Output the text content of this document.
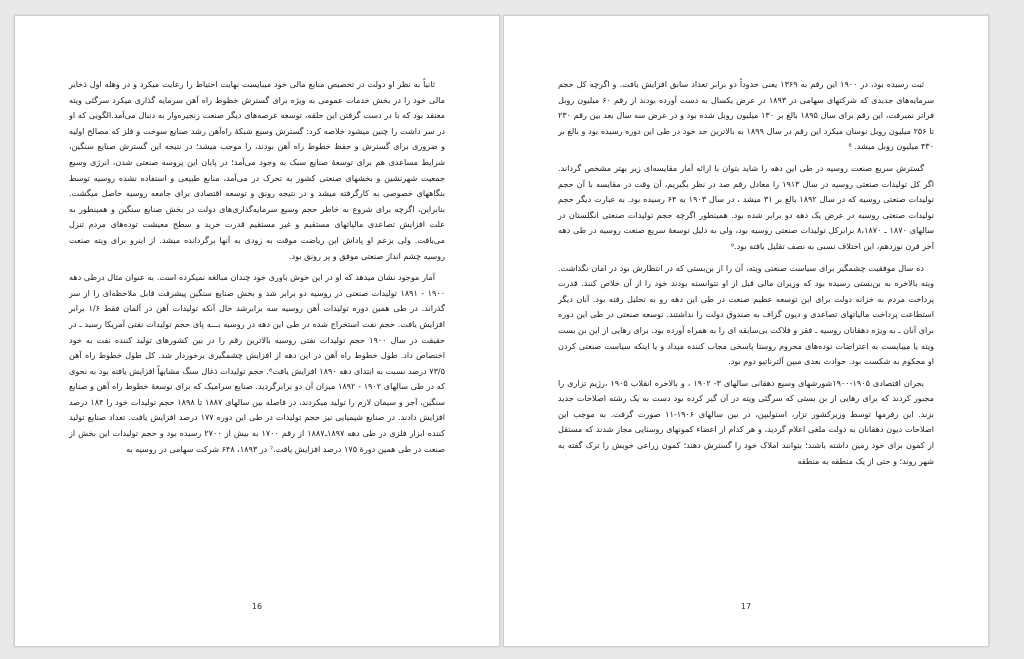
ثانیاً به نظر او دولت در تخصیص منابع مالی خود میبایست نهایت احتیاط را رعایت میکرد و در وهله اول ذخایر مالی خود را در بخش خدمات عمومی به ویژه برای گسترش خطوط راه آهن سرمایه گذاری میکرد سرگئی ویته معتقد بود که با در دست گرفتن این حلقه، توسعه عرصه‌های دیگر صنعت زنجیره‌وار به دنبال می‌آمد.الگویی که او در سر داشت را چنین میشود خلاصه کرد: گسترش وسیع شبکهٔ راه‌آهن رشد صنایع سوخت و فلز که مصالح اولیه و ضروری برای گسترش و حفظ خطوط راه آهن بودند، را موجب میشد؛ در نتیجه این گسترش صنایع سنگین، شرایط مساعدی هم برای توسعهٔ صنایع سبک به وجود می‌آمد؛ در پایان این پروسه صنعتی شدن، انرژی وسیع جمعیت شهرنشین و بخشهای صنعتی کشور به تحرک در می‌آمد، منابع طبیعی و استفاده نشده روسیه توسط بنگاههای خصوصی به کارگرفته میشد و در نتیجه رونق و توسعه اقتصادی برای جامعه روسیه حاصل میگشت. بنابراین، اگرچه برای شروع به خاطر حجم وسیع سرمایه‌گذاری‌های دولت در بخش صنایع سنگین و همینطور به علت افزایش تصاعدی مالیاتهای مستقیم و غیر مستقیم قدرت خرید و سطح معیشت توده‌های مردم تنزل می‌یافت. ولی بزعم او پاداش این ریاضت موقت به زودی به آنها برگردانده میشد. از اینرو برای ویته صنعت روسیه چشم انداز صنعتی موفق و پر رونق بود.

آمار موجود نشان میدهد که او در این خوش باوری خود چندان مبالغه نمیکرده است. به عنوان مثال درطی دهه ۱۹۰۰ - ۱۸۹۱ تولیدات صنعتی در روسیه دو برابر شد و بخش صنایع سنگین پیشرفت قابل ملاحظه‌ای را از سر گذراند. در طی همین دوره تولیدات آهن روسیه سه برابرشد حال آنکه تولیدات آهن در آلمان فقط ۱/۶ برابر افزایش یافت. حجم نفت استخراج شده در طی این دهه در روسیه بـــه پای حجم تولیدات نفتی آمریکا رسید ـ در حقیقت در سال ۱۹۰۰ حجم تولیدات نفتی روسیه بالاترین رقم را در بین کشورهای تولید کننده نفت به خود اختصاص داد. طول خطوط راه آهن در این دهه از افزایش چشمگیری برخوردار شد. کل طول خطوط راه آهن ۷۳/۵ درصد نسبت به ابتدای دهه ۱۸۹۰ افزایش یافت⁶. حجم تولیدات ذغال سنگ مشابهاً افزایش یافته بود به نحوی که در طی سالهای ۱۹۰۲ - ۱۸۹۲ میزان آن دو برابرگردید. صنایع سرامیک که برای توسعهٔ خطوط راه آهن و صنایع سنگین، آجر و سیمان لازم را تولید میکردند، در فاصله بین سالهای ۱۸۸۷ تا ۱۸۹۸ حجم تولیدات خود را ۱۸۴ درصد افزایش دادند. در صنایع شیمیایی نیز حجم تولیدات در طی این دوره ۱۷۷ درصد افزایش یافت. تعداد صنایع تولید کننده ابزار فلزی در طی دهه ۱۸۹۷ـ۱۸۸۷ از رقم ۱۷۰۰ به بیش از ۲۷۰۰ رسیده بود و حجم تولیدات این بخش از صنعت در طی همین دورهٔ ۱۷۵ درصد افزایش یافت.⁷ در ۱۸۹۳، ۶۴۸ شرکت سهامی در روسیه به

16

ثبت رسیده بود، در ۱۹۰۰ این رقم به ۱۳۶۹ یعنی حدوداً دو برابر تعداد سابق افزایش یافت. و اگرچه کل حجم سرمایه‌های جدیدی که شرکتهای سهامی در ۱۸۹۳ در عرض یکسال به دست آورده بودند از رقم ۶۰ میلیون روبل فراتر نمیرفت، این رقم برای سال ۱۸۹۵ بالغ بر ۱۳۰ میلیون روبل شده بود و در عرض سه سال بعد بین رقم ۲۳۰ تا ۲۵۶ میلیون روبل نوسان میکرد این رقم در سال ۱۸۹۹ به بالاترین حد خود در طی این دوره رسیده بود و بالغ بر ۴۳۰ میلیون روبل میشد. ⁸

گسترش سریع صنعت روسیه در طی این دهه را شاید بتوان با ارائه آمار مقایسه‌ای زیر بهتر مشخص گرداند. اگر کل تولیدات صنعتی روسیه در سال ۱۹۱۳ را معادل رقم صد در نظر بگیریم، آن وقت در مقایسه با آن حجم تولیدات صنعتی روسیه که در سال ۱۸۹۲ بالغ بر ۳۱ میشد ، در سال ۱۹۰۳ به ۶۴ رسیده بود. به عبارت دیگر حجم تولیدات صنعتی روسیه در عرض یک دهه دو برابر شده بود. همینطور اگرچه حجم تولیدات صنعتی انگلستان در سالهای ۱۸۷۰ ـ ۸،۱۸۷۰ برابرکل تولیدات صنعتی روسیه بود، ولی به دلیل توسعهٔ سریع صنعت روسیه در طی دهه آخر قرن نوزدهم، این اختلاف نسبی به نصف تقلیل یافته بود.⁹

ده سال موفقیت چشمگیر برای سیاست صنعتی ویته، آن را از بن‌بستی که در انتظارش بود در امان نگذاشت. ویته بالاخره به بن‌بستی رسیده بود که وزیران مالی قبل از او نتوانسته بودند خود را از آن خلاص کنند. قدرت پرداخت مردم به خزانه دولت برای این توسعه عظیم صنعت در طی این دهه رو به تحلیل رفته بود. آنان دیگر استطاعت پرداخت مالیاتهای تصاعدی و دیون گزاف به صندوق دولت را نداشتند. توسعه صنعتی در طی این دوره برای آنان ـ به ویژه دهقانان روسیه ـ فقر و فلاکت بی‌سابقه ای را به همراه آورده بود. برای رهایی از این بن بست ویته یا میبایست به اعتراضات توده‌های محروم روستا پاسخی مجاب کننده میداد و یا اینکه سیاست صنعتی کردن او محکوم به شکست بود. حوادث بعدی مبین آلترناتیو دوم بود.

بحران اقتصادی ۱۹۰۵-۱۹۰۰شورشهای وسیع دهقانی سالهای ۳- ۱۹۰۲ ، و بالاخره انقلاب ۱۹۰۵ ،رژیم تزاری را مجبور کردند که برای رهایی از بن بستی که سرگئی ویته در آن گیر کرده بود دست به یک رشته اصلاحات جدید بزند. این رفرمها توسط وزیرکشور تزار، استولیپن، در بین سالهای ۱۹۰۶-۱۱ صورت گرفت. به موجب این اصلاحات دیون دهقانان به دولت ملغی اعلام گردید، و هر کدام از اعضاء کمونهای روستایی مجاز شدند که مستقل از کمون برای خود زمین داشته باشند؛ بتوانند املاک خود را گسترش دهند؛ کمون زراعی خویش را ترک گفته به شهر روند؛ و حتی از یک منطقه به منطقه

17
